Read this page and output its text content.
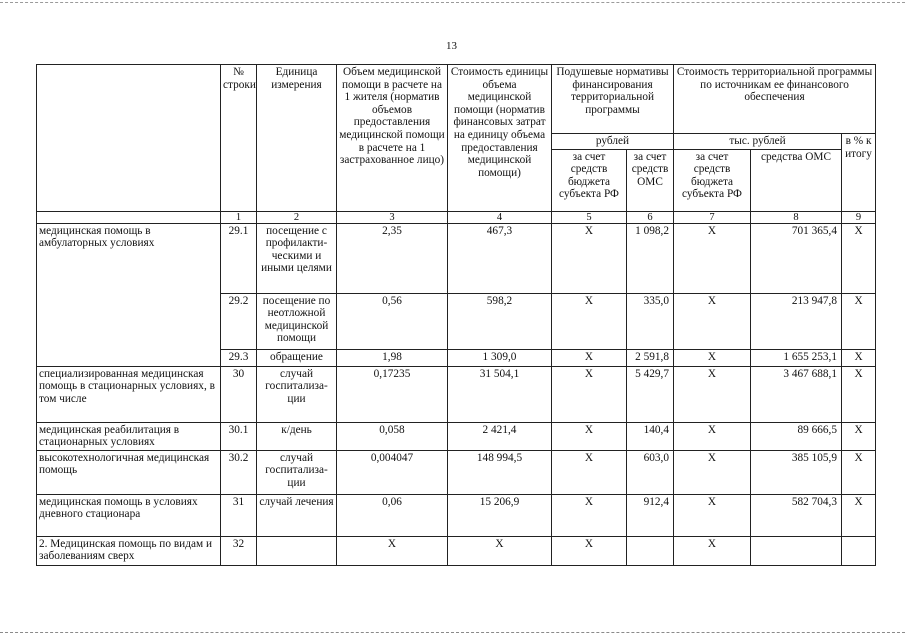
13
	№ строки	Единица измерения	Объем медицинской помощи в расчете на 1 жителя (норматив объемов предоставления медицинской помощи в расчете на 1 застрахованное лицо)	Стоимость единицы объема медицинской помощи (норматив финансовых затрат на единицу объема предоставления медицинской помощи)	Подушевые нормативы финансирования территориальной программы		Стоимость территориальной программы по источникам ее финансового обеспечения		
					рублей		тыс. рублей		в % к итогу
					за счет средств бюджета субъекта РФ	за счет средств ОМС	за счет средств бюджета субъекта РФ	средства ОМС	
	1	2	3	4	5	6	7	8	9
медицинская помощь в амбулаторных условиях	29.1	посещение с профилакти-ческими и иными целями	2,35	467,3	Х	1 098,2	Х	701 365,4	Х
	29.2	посещение по неотложной медицинской помощи	0,56	598,2	Х	335,0	Х	213 947,8	Х
	29.3	обращение	1,98	1 309,0	Х	2 591,8	Х	1 655 253,1	Х
специализированная медицинская помощь в стационарных условиях, в том числе	30	случай госпитализа-ции	0,17235	31 504,1	Х	5 429,7	Х	3 467 688,1	Х
медицинская реабилитация в стационарных условиях	30.1	к/день	0,058	2 421,4	Х	140,4	Х	89 666,5	Х
высокотехнологичная медицинская помощь	30.2	случай госпитализа-ции	0,004047	148 994,5	Х	603,0	Х	385 105,9	Х
медицинская помощь в условиях дневного стационара	31	случай лечения	0,06	15 206,9	Х	912,4	Х	582 704,3	Х
2. Медицинская помощь по видам и заболеваниям сверх	32		Х	Х	Х		Х		
